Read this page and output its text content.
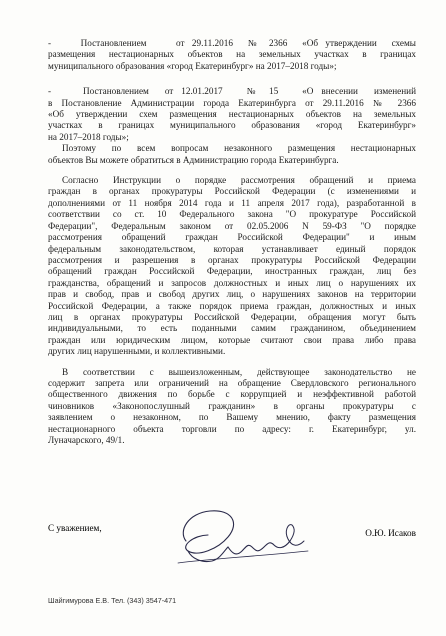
-    Постановлением    от 29.11.2016  № 2366  «Об утверждении  схемы
размещения нестационарных объектов на земельных участках в границах
муниципального образования «город Екатеринбург» на 2017–2018 годы»;
-    Постановлением  от 12.01.2017   № 15   «О внесении  изменений
в Постановление Администрации города Екатеринбурга от 29.11.2016 № 2366
«Об утверждении схем размещения нестационарных объектов на земельных
участках в границах муниципального образования «город Екатеринбург»
на 2017–2018 годы»;
Поэтому по всем вопросам незаконного размещения нестационарных
объектов Вы можете обратиться в Администрацию города Екатеринбурга.
Согласно Инструкции о порядке рассмотрения обращений и приема
граждан в органах прокуратуры Российской Федерации (с изменениями и
дополнениями от 11 ноября 2014 года и 11 апреля 2017 года), разработанной в
соответствии со ст. 10 Федерального закона "О прокуратуре Российской
Федерации", Федеральным законом от 02.05.2006 N 59-ФЗ "О порядке
рассмотрения обращений граждан Российской Федерации" и иным
федеральным законодательством, которая устанавливает единый порядок
рассмотрения и разрешения в органах прокуратуры Российской Федерации
обращений граждан Российской Федерации, иностранных граждан, лиц без
гражданства, обращений и запросов должностных и иных лиц о нарушениях их
прав и свобод, прав и свобод других лиц, о нарушениях законов на территории
Российской Федерации, а также порядок приема граждан, должностных и иных
лиц в органах прокуратуры Российской Федерации, обращения могут быть
индивидуальными, то есть поданными самим гражданином, объединением
граждан или юридическим лицом, которые считают свои права либо права
других лиц нарушенными, и коллективными.
В соответствии с вышеизложенным, действующее законодательство не
содержит запрета или ограничений на обращение Свердловского регионального
общественного движения по борьбе с коррупцией и неэффективной работой
чиновников «Законопослушный гражданин» в органы прокуратуры с
заявлением о незаконном, по Вашему мнению, факту размещения
нестационарного объекта торговли по адресу: г. Екатеринбург, ул.
Луначарского, 49/1.
С уважением,	О.Ю. Исаков
Шайгимурова Е.В. Тел. (343) 3547-471
